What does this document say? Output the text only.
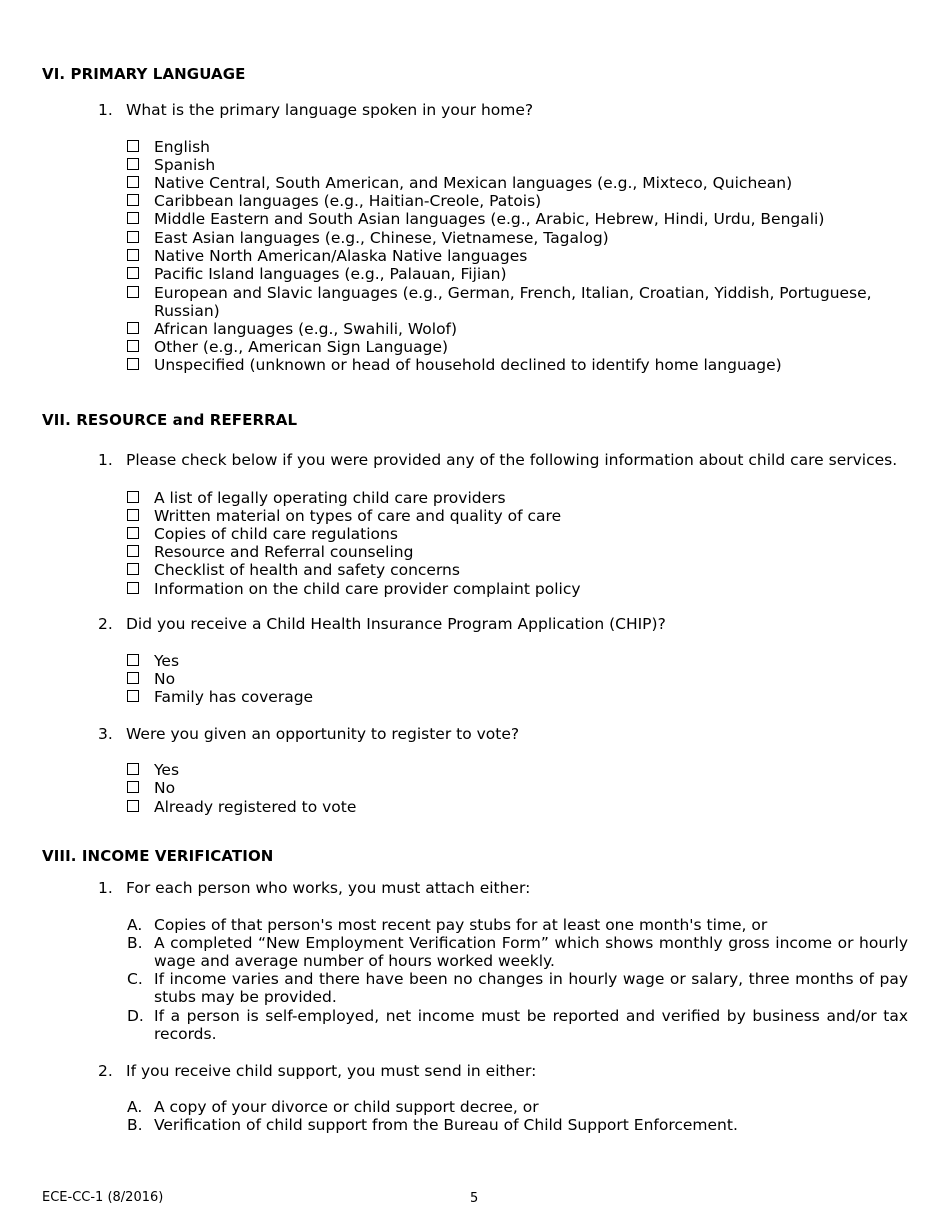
VI. PRIMARY LANGUAGE
1. What is the primary language spoken in your home?
English
Spanish
Native Central, South American, and Mexican languages (e.g., Mixteco, Quichean)
Caribbean languages (e.g., Haitian-Creole, Patois)
Middle Eastern and South Asian languages (e.g., Arabic, Hebrew, Hindi, Urdu, Bengali)
East Asian languages (e.g., Chinese, Vietnamese, Tagalog)
Native North American/Alaska Native languages
Pacific Island languages (e.g., Palauan, Fijian)
European and Slavic languages (e.g., German, French, Italian, Croatian, Yiddish, Portuguese, Russian)
African languages (e.g., Swahili, Wolof)
Other (e.g., American Sign Language)
Unspecified (unknown or head of household declined to identify home language)
VII. RESOURCE and REFERRAL
1. Please check below if you were provided any of the following information about child care services.
A list of legally operating child care providers
Written material on types of care and quality of care
Copies of child care regulations
Resource and Referral counseling
Checklist of health and safety concerns
Information on the child care provider complaint policy
2. Did you receive a Child Health Insurance Program Application (CHIP)?
Yes
No
Family has coverage
3. Were you given an opportunity to register to vote?
Yes
No
Already registered to vote
VIII. INCOME VERIFICATION
1. For each person who works, you must attach either:
A. Copies of that person's most recent pay stubs for at least one month's time, or
B. A completed “New Employment Verification Form” which shows monthly gross income or hourly wage and average number of hours worked weekly.
C. If income varies and there have been no changes in hourly wage or salary, three months of pay stubs may be provided.
D. If a person is self-employed, net income must be reported and verified by business and/or tax records.
2. If you receive child support, you must send in either:
A. A copy of your divorce or child support decree, or
B. Verification of child support from the Bureau of Child Support Enforcement.
ECE-CC-1 (8/2016)	5
